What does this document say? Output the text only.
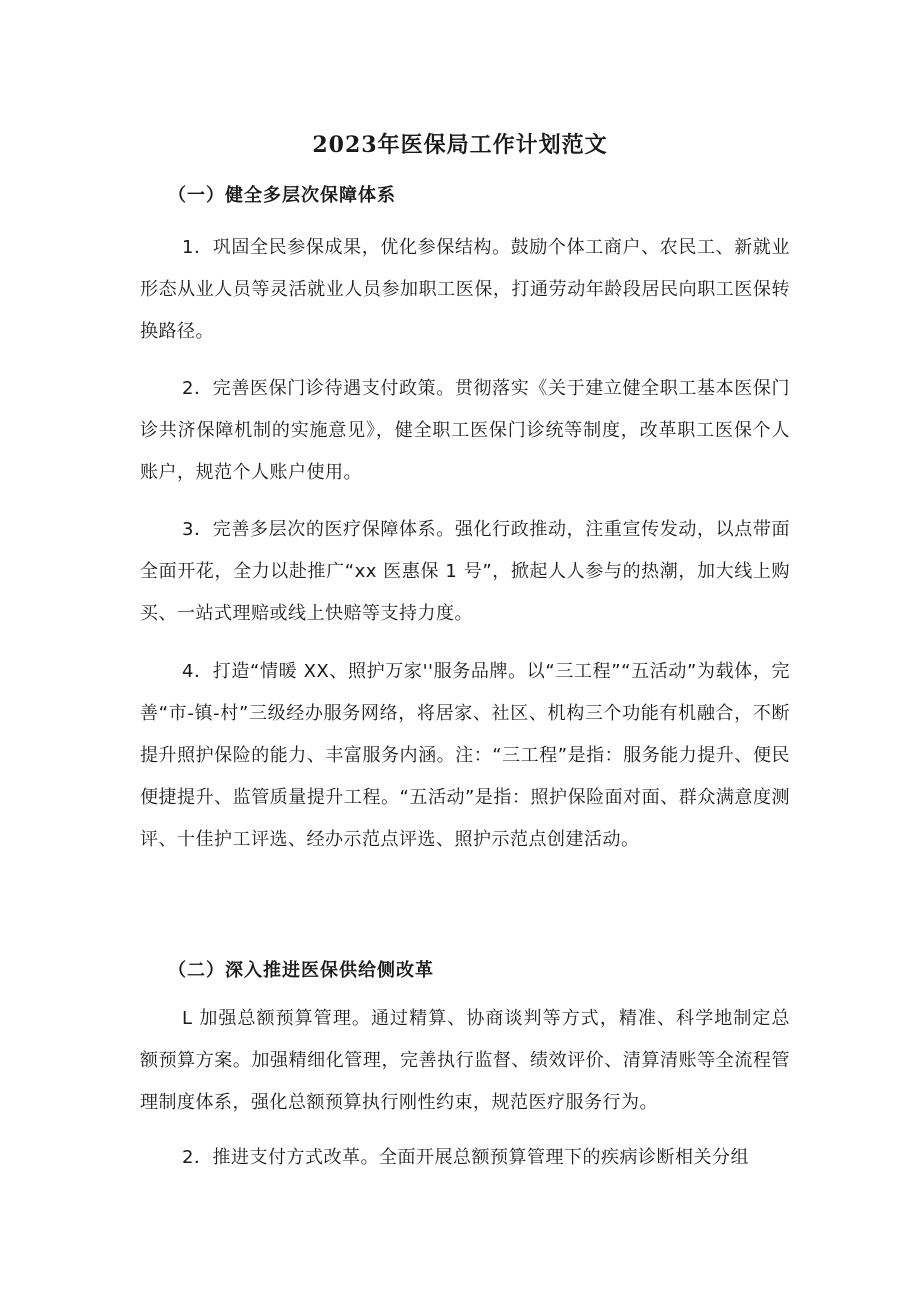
2023年医保局工作计划范文
（一）健全多层次保障体系
1．巩固全民参保成果，优化参保结构。鼓励个体工商户、农民工、新就业形态从业人员等灵活就业人员参加职工医保，打通劳动年龄段居民向职工医保转换路径。
2．完善医保门诊待遇支付政策。贯彻落实《关于建立健全职工基本医保门诊共济保障机制的实施意见》，健全职工医保门诊统等制度，改革职工医保个人账户，规范个人账户使用。
3．完善多层次的医疗保障体系。强化行政推动，注重宣传发动，以点带面全面开花，全力以赴推广“xx 医惠保 1 号”，掀起人人参与的热潮，加大线上购买、一站式理赔或线上快赔等支持力度。
4．打造“情暖 XX、照护万家''服务品牌。以“三工程”“五活动”为载体，完善“市-镇-村”三级经办服务网络，将居家、社区、机构三个功能有机融合，不断提升照护保险的能力、丰富服务内涵。注：“三工程”是指：服务能力提升、便民便捷提升、监管质量提升工程。“五活动”是指：照护保险面对面、群众满意度测评、十佳护工评选、经办示范点评选、照护示范点创建活动。
（二）深入推进医保供给侧改革
L 加强总额预算管理。通过精算、协商谈判等方式，精准、科学地制定总额预算方案。加强精细化管理，完善执行监督、绩效评价、清算清账等全流程管理制度体系，强化总额预算执行刚性约束，规范医疗服务行为。
2．推进支付方式改革。全面开展总额预算管理下的疾病诊断相关分组
